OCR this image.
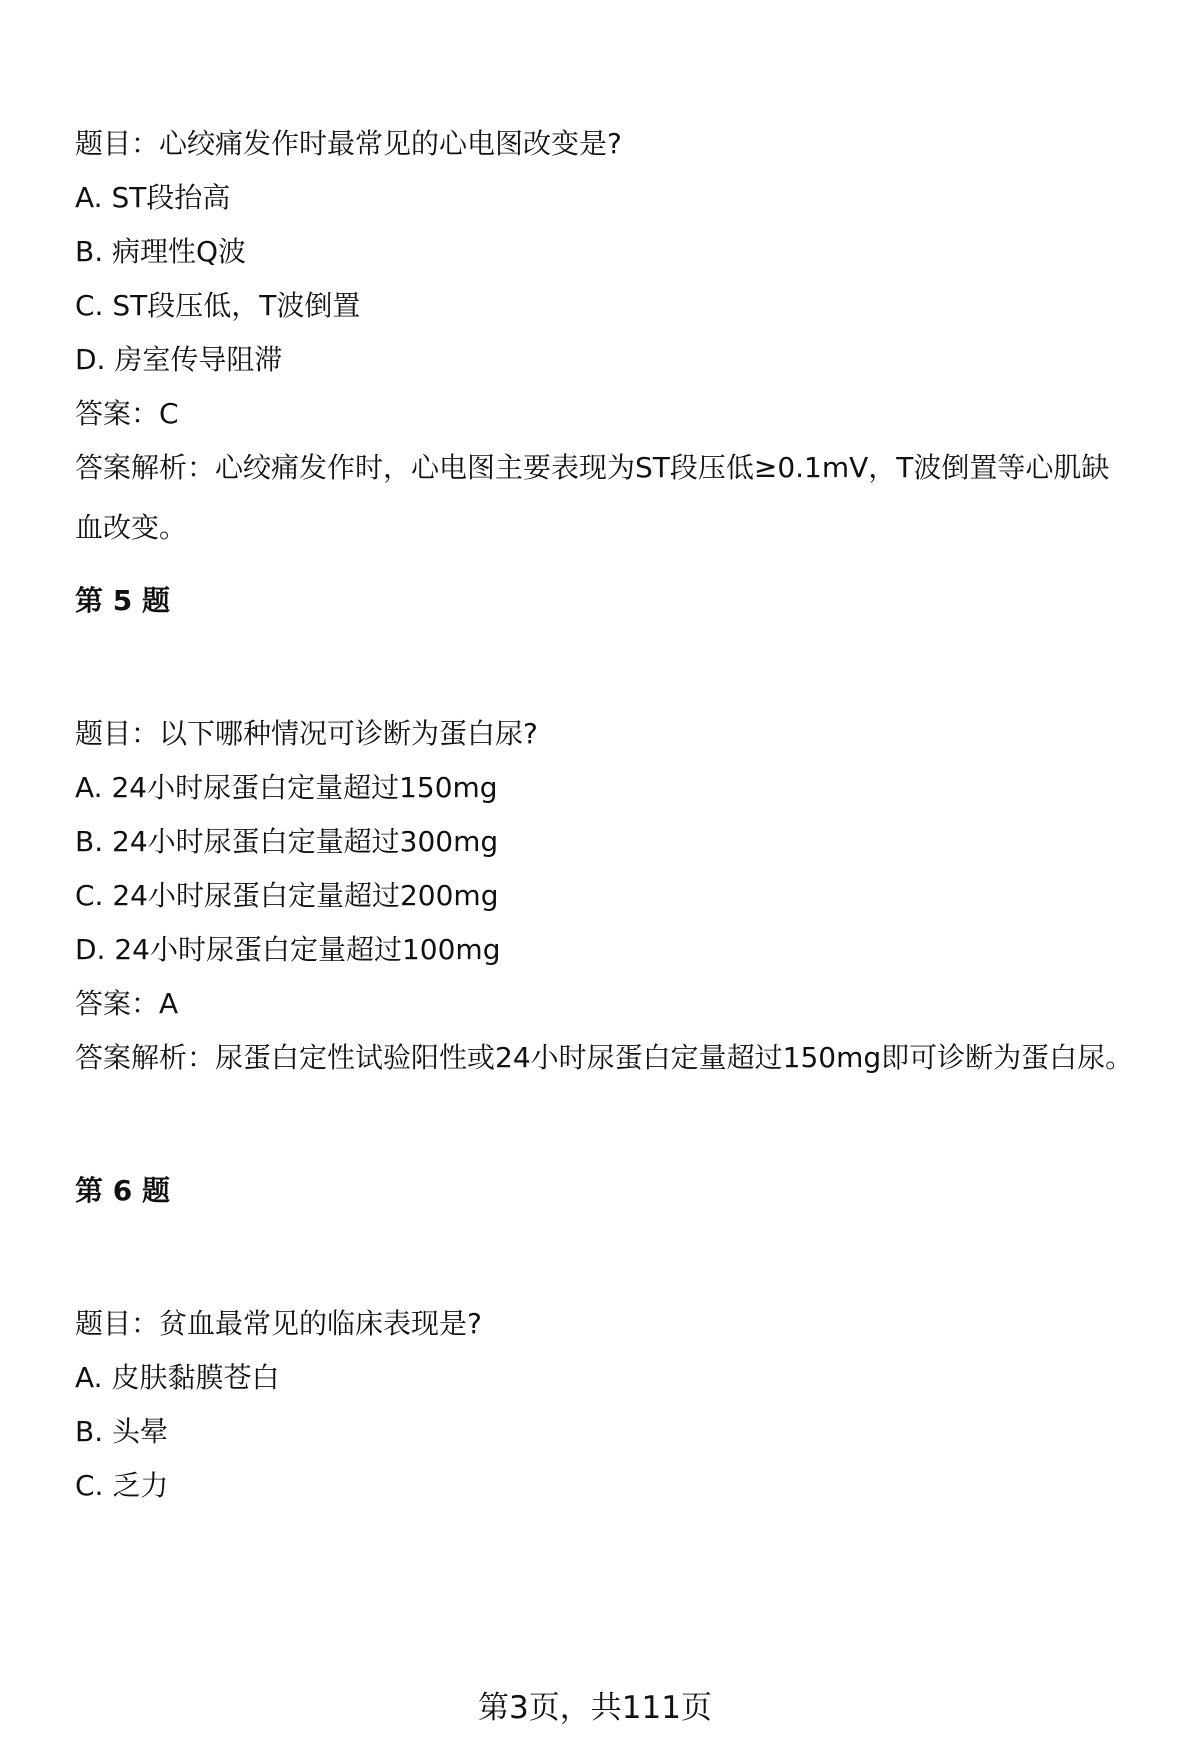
题目：心绞痛发作时最常见的心电图改变是?
A. ST段抬高
B. 病理性Q波
C. ST段压低，T波倒置
D. 房室传导阻滞
答案：C
答案解析：心绞痛发作时，心电图主要表现为ST段压低≥0.1mV，T波倒置等心肌缺血改变。
第 5 题
题目：以下哪种情况可诊断为蛋白尿?
A. 24小时尿蛋白定量超过150mg
B. 24小时尿蛋白定量超过300mg
C. 24小时尿蛋白定量超过200mg
D. 24小时尿蛋白定量超过100mg
答案：A
答案解析：尿蛋白定性试验阳性或24小时尿蛋白定量超过150mg即可诊断为蛋白尿。
第 6 题
题目：贫血最常见的临床表现是?
A. 皮肤黏膜苍白
B. 头晕
C. 乏力
第3页，共111页
